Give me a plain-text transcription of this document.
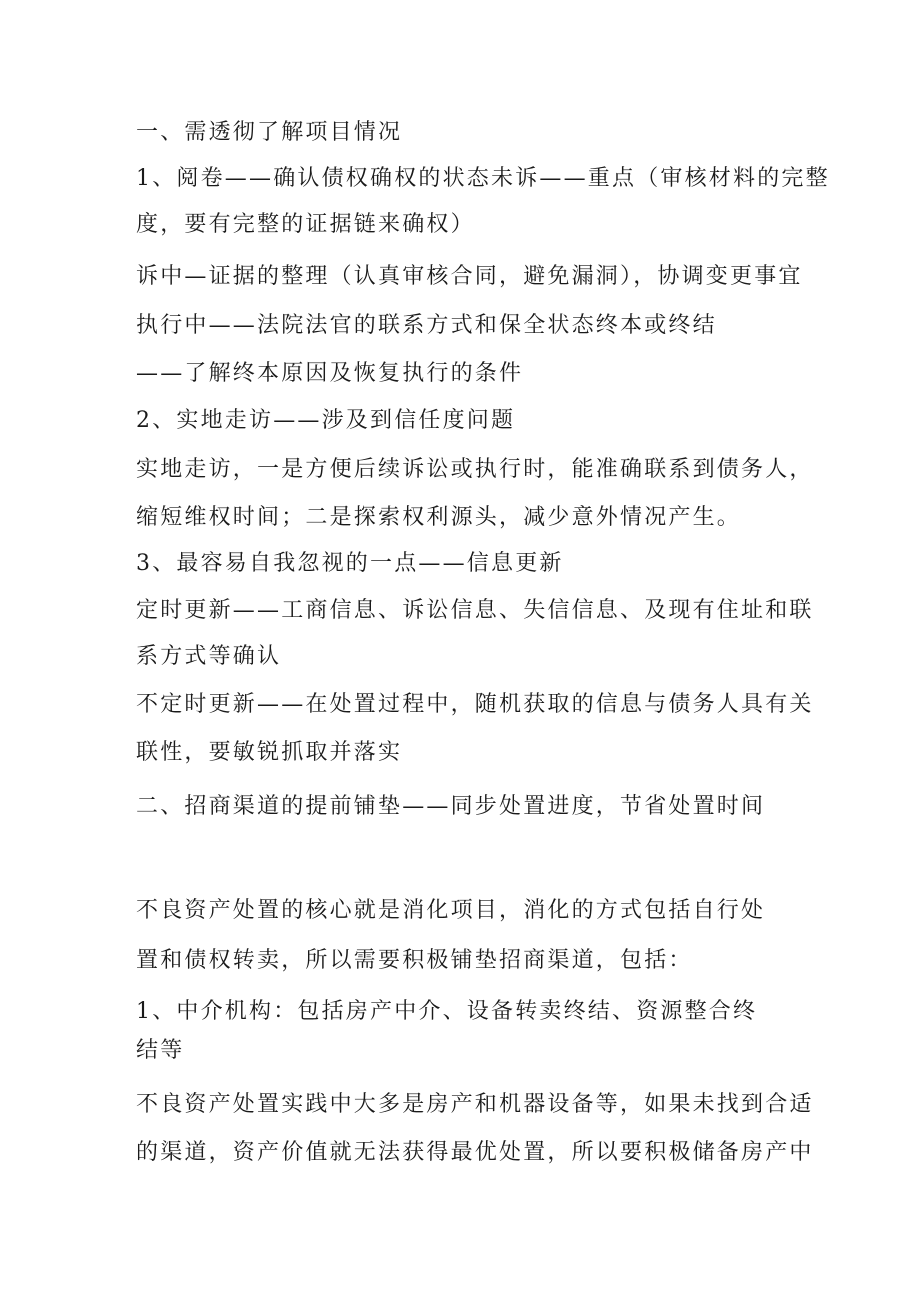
一、需透彻了解项目情况
1、阅卷——确认债权确权的状态未诉——重点（审核材料的完整
度，要有完整的证据链来确权）
诉中—证据的整理（认真审核合同，避免漏洞），协调变更事宜
执行中——法院法官的联系方式和保全状态终本或终结
——了解终本原因及恢复执行的条件
2、实地走访——涉及到信任度问题
实地走访，一是方便后续诉讼或执行时，能准确联系到债务人，
缩短维权时间；二是探索权利源头，减少意外情况产生。
3、最容易自我忽视的一点——信息更新
定时更新——工商信息、诉讼信息、失信信息、及现有住址和联
系方式等确认
不定时更新——在处置过程中，随机获取的信息与债务人具有关
联性，要敏锐抓取并落实
二、招商渠道的提前铺垫——同步处置进度，节省处置时间
不良资产处置的核心就是消化项目，消化的方式包括自行处
置和债权转卖，所以需要积极铺垫招商渠道，包括：
1、中介机构：包括房产中介、设备转卖终结、资源整合终
结等
不良资产处置实践中大多是房产和机器设备等，如果未找到合适
的渠道，资产价值就无法获得最优处置，所以要积极储备房产中
